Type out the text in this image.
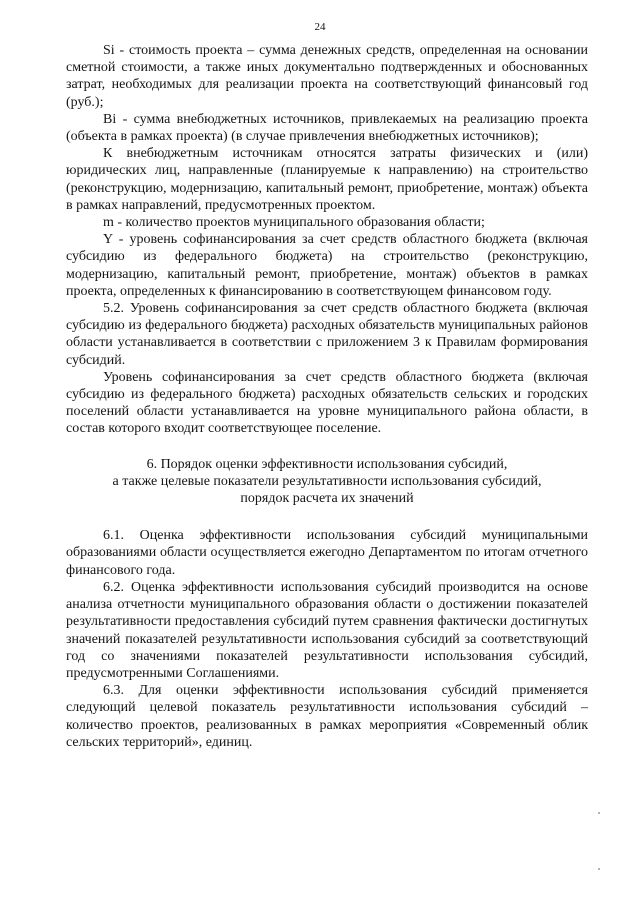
24

Si - стоимость проекта – сумма денежных средств, определенная на основании сметной стоимости, а также иных документально подтвержденных и обоснованных затрат, необходимых для реализации проекта на соответствующий финансовый год (руб.);

Bi - сумма внебюджетных источников, привлекаемых на реализацию проекта (объекта в рамках проекта) (в случае привлечения внебюджетных источников);

К внебюджетным источникам относятся затраты физических и (или) юридических лиц, направленные (планируемые к направлению) на строительство (реконструкцию, модернизацию, капитальный ремонт, приобретение, монтаж) объекта в рамках направлений, предусмотренных проектом.

m - количество проектов муниципального образования области;

Y - уровень софинансирования за счет средств областного бюджета (включая субсидию из федерального бюджета) на строительство (реконструкцию, модернизацию, капитальный ремонт, приобретение, монтаж) объектов в рамках проекта, определенных к финансированию в соответствующем финансовом году.

5.2. Уровень софинансирования за счет средств областного бюджета (включая субсидию из федерального бюджета) расходных обязательств муниципальных районов области устанавливается в соответствии с приложением 3 к Правилам формирования субсидий.

Уровень софинансирования за счет средств областного бюджета (включая субсидию из федерального бюджета) расходных обязательств сельских и городских поселений области устанавливается на уровне муниципального района области, в состав которого входит соответствующее поселение.

6. Порядок оценки эффективности использования субсидий,
а также целевые показатели результативности использования субсидий,
порядок расчета их значений

6.1. Оценка эффективности использования субсидий муниципальными образованиями области осуществляется ежегодно Департаментом по итогам отчетного финансового года.

6.2. Оценка эффективности использования субсидий производится на основе анализа отчетности муниципального образования области о достижении показателей результативности предоставления субсидий путем сравнения фактически достигнутых значений показателей результативности использования субсидий за соответствующий год со значениями показателей результативности использования субсидий, предусмотренными Соглашениями.

6.3. Для оценки эффективности использования субсидий применяется следующий целевой показатель результативности использования субсидий – количество проектов, реализованных в рамках мероприятия «Современный облик сельских территорий», единиц.
